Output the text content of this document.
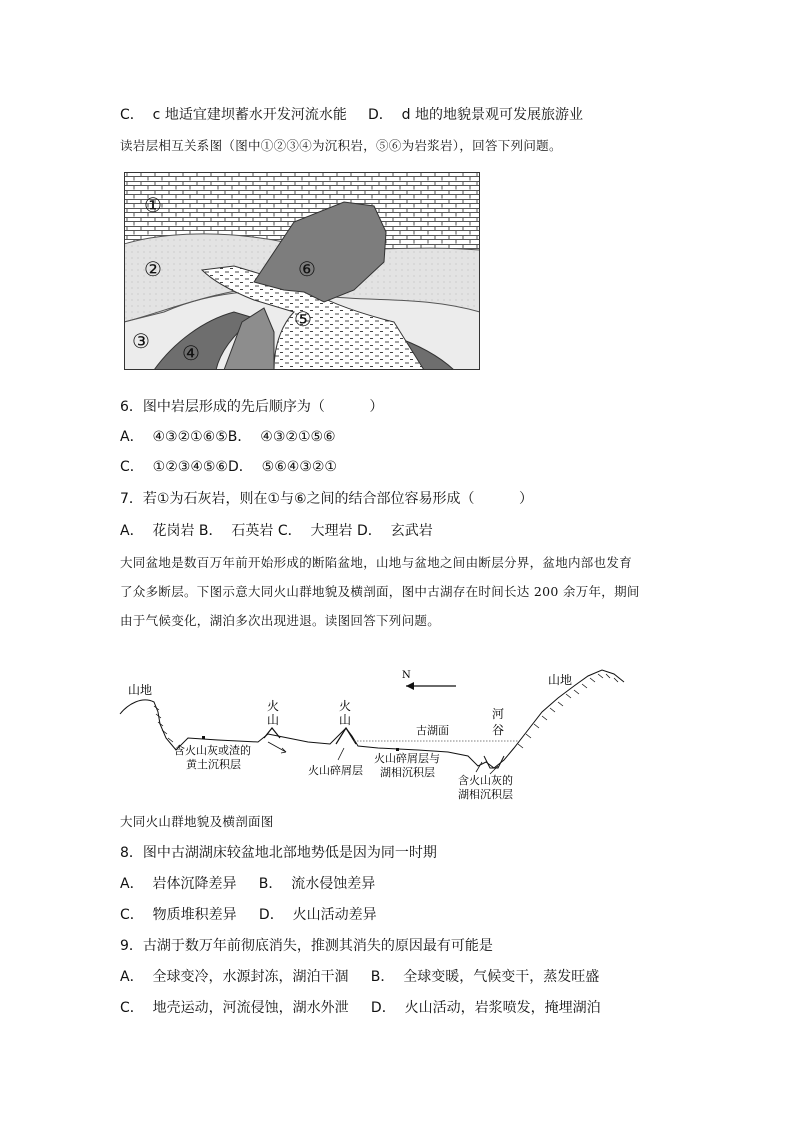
C．  c 地适宜建坝蓄水开发河流水能 D．  d 地的地貌景观可发展旅游业
读岩层相互关系图（图中①②③④为沉积岩，⑤⑥为岩浆岩），回答下列问题。
①
②
③ ④
⑤
⑥
6．图中岩层形成的先后顺序为（          ）
A．  ④③②①⑥⑤B．  ④③②①⑤⑥
C．  ①②③④⑤⑥D．  ⑤⑥④③②①
7．若①为石灰岩，则在①与⑥之间的结合部位容易形成（          ）
A．  花岗岩 B．  石英岩 C．  大理岩 D．  玄武岩
大同盆地是数百万年前开始形成的断陷盆地，山地与盆地之间由断层分界，盆地内部也发育
了众多断层。下图示意大同火山群地貌及横剖面，图中古湖存在时间长达 200 余万年，期间
由于气候变化，湖泊多次出现进退。读图回答下列问题。
N
山地
山地
火
山
火
山
古湖面
河
谷
含火山灰或渣的
黄土沉积层	火山碎屑层
火山碎屑层与
湖相沉积层
含火山灰的
湖相沉积层
大同火山群地貌及横剖面图
8．图中古湖湖床较盆地北部地势低是因为同一时期
A．  岩体沉降差异     B．  流水侵蚀差异
C．  物质堆积差异     D．  火山活动差异
9．古湖于数万年前彻底消失，推测其消失的原因最有可能是
A．  全球变冷，水源封冻，湖泊干涸     B．  全球变暖，气候变干，蒸发旺盛
C．  地壳运动，河流侵蚀，湖水外泄     D．  火山活动，岩浆喷发，掩埋湖泊
